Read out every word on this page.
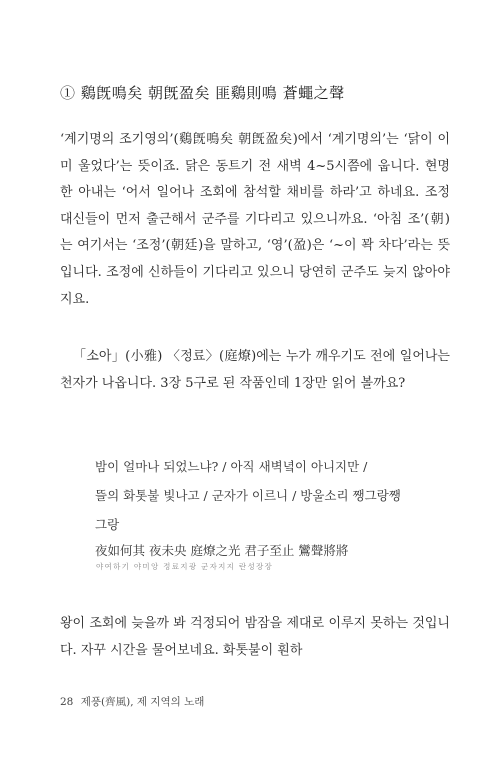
① 鷄旣鳴矣 朝旣盈矣 匪鷄則鳴 蒼蠅之聲
‘계기명의 조기영의’(鷄旣鳴矣 朝旣盈矣)에서 ‘계기명의’는 ‘닭이 이미 울었다’는 뜻이죠. 닭은 동트기 전 새벽 4~5시쯤에 웁니다. 현명한 아내는 ‘어서 일어나 조회에 참석할 채비를 하라’고 하네요. 조정 대신들이 먼저 출근해서 군주를 기다리고 있으니까요. ‘아침 조’(朝)는 여기서는 ‘조정’(朝廷)을 말하고, ‘영’(盈)은 ‘~이 꽉 차다’라는 뜻입니다. 조정에 신하들이 기다리고 있으니 당연히 군주도 늦지 않아야지요.
「소아」(小雅) 〈정료〉(庭燎)에는 누가 깨우기도 전에 일어나는 천자가 나옵니다. 3장 5구로 된 작품인데 1장만 읽어 볼까요?
밤이 얼마나 되었느냐? / 아직 새벽녘이 아니지만 /
뜰의 화톳불 빛나고 / 군자가 이르니 / 방울소리 쨍그랑쨍
그랑
夜如何其 夜未央 庭燎之光 君子至止 鸞聲將將
야여하기 야미앙 정료지광 군자지지 란성장장
왕이 조회에 늦을까 봐 걱정되어 밤잠을 제대로 이루지 못하는 것입니다. 자꾸 시간을 물어보네요. 화톳불이 훤하
28 제풍(齊風), 제 지역의 노래
